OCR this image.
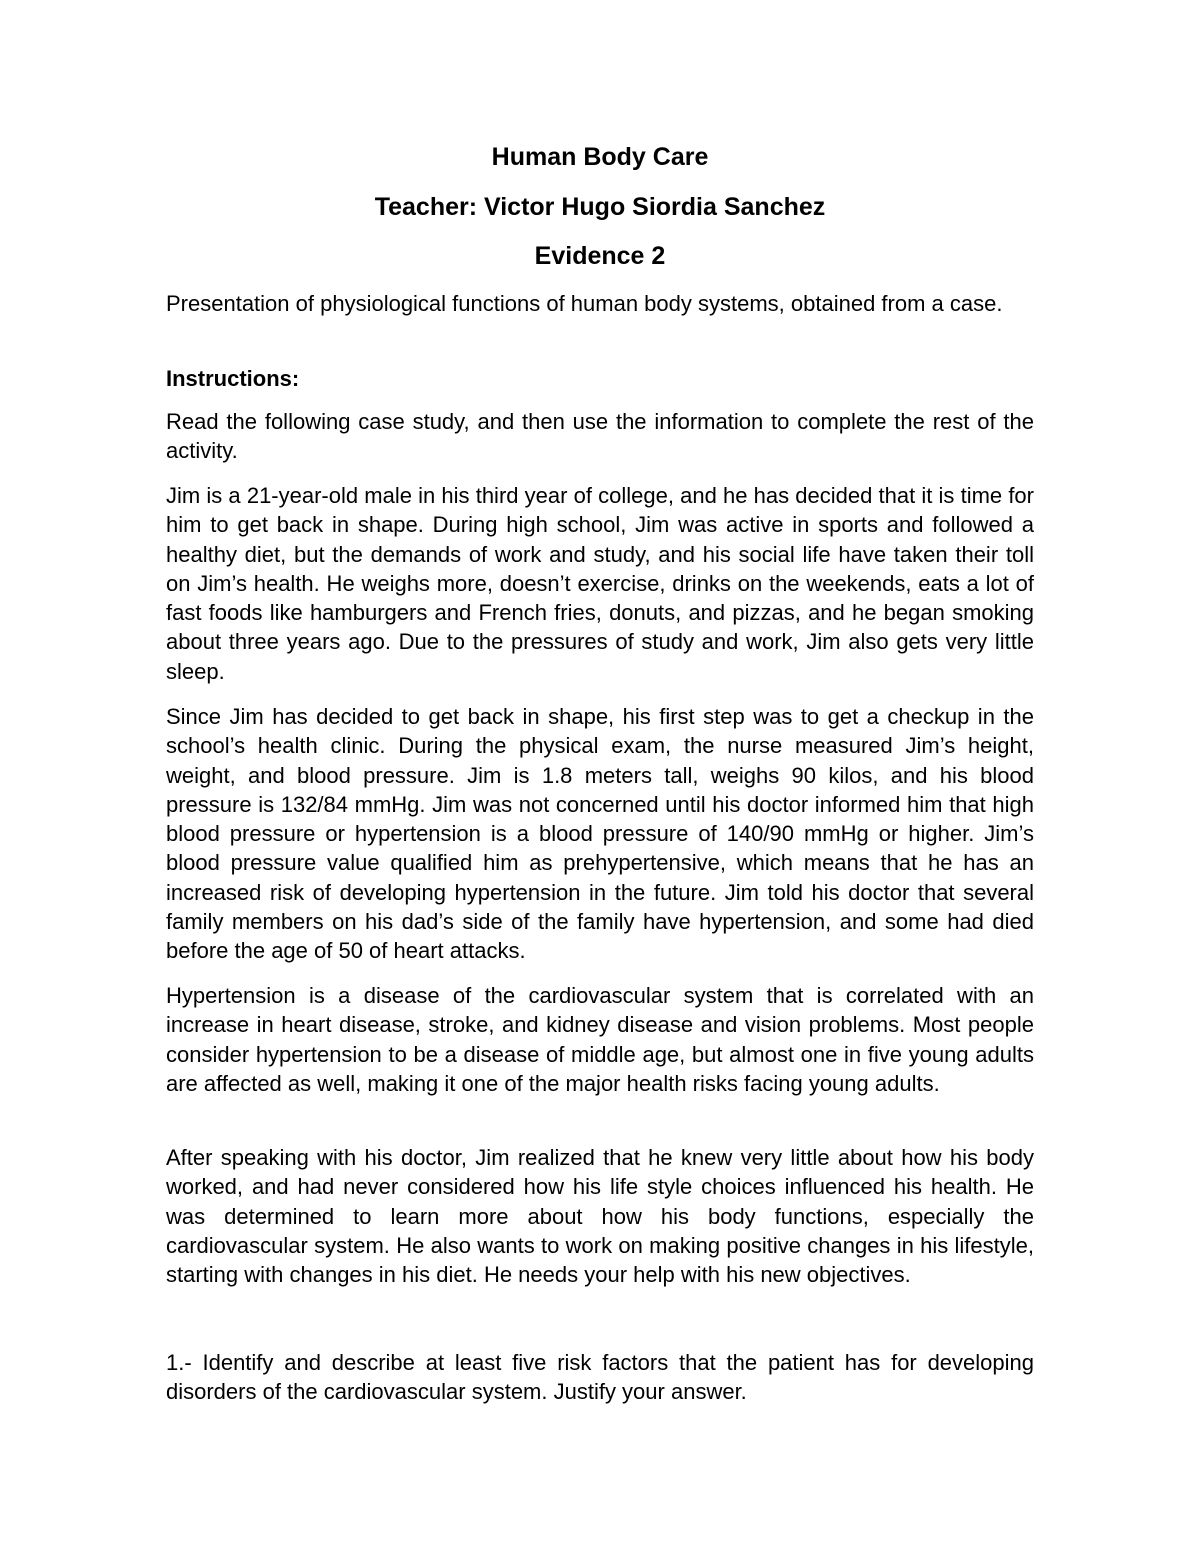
Human Body Care
Teacher: Victor Hugo Siordia Sanchez
Evidence 2

Presentation of physiological functions of human body systems, obtained from a case.

Instructions:

Read the following case study, and then use the information to complete the rest of the activity.

Jim is a 21-year-old male in his third year of college, and he has decided that it is time for him to get back in shape. During high school, Jim was active in sports and followed a healthy diet, but the demands of work and study, and his social life have taken their toll on Jim’s health. He weighs more, doesn’t exercise, drinks on the weekends, eats a lot of fast foods like hamburgers and French fries, donuts, and pizzas, and he began smoking about three years ago. Due to the pressures of study and work, Jim also gets very little sleep.

Since Jim has decided to get back in shape, his first step was to get a checkup in the school’s health clinic. During the physical exam, the nurse measured Jim’s height, weight, and blood pressure. Jim is 1.8 meters tall, weighs 90 kilos, and his blood pressure is 132/84 mmHg. Jim was not concerned until his doctor informed him that high blood pressure or hypertension is a blood pressure of 140/90 mmHg or higher. Jim’s blood pressure value qualified him as prehypertensive, which means that he has an increased risk of developing hypertension in the future. Jim told his doctor that several family members on his dad’s side of the family have hypertension, and some had died before the age of 50 of heart attacks.

Hypertension is a disease of the cardiovascular system that is correlated with an increase in heart disease, stroke, and kidney disease and vision problems. Most people consider hypertension to be a disease of middle age, but almost one in five young adults are affected as well, making it one of the major health risks facing young adults.

After speaking with his doctor, Jim realized that he knew very little about how his body worked, and had never considered how his life style choices influenced his health. He was determined to learn more about how his body functions, especially the cardiovascular system. He also wants to work on making positive changes in his lifestyle, starting with changes in his diet. He needs your help with his new objectives.

1.- Identify and describe at least five risk factors that the patient has for developing disorders of the cardiovascular system. Justify your answer.
